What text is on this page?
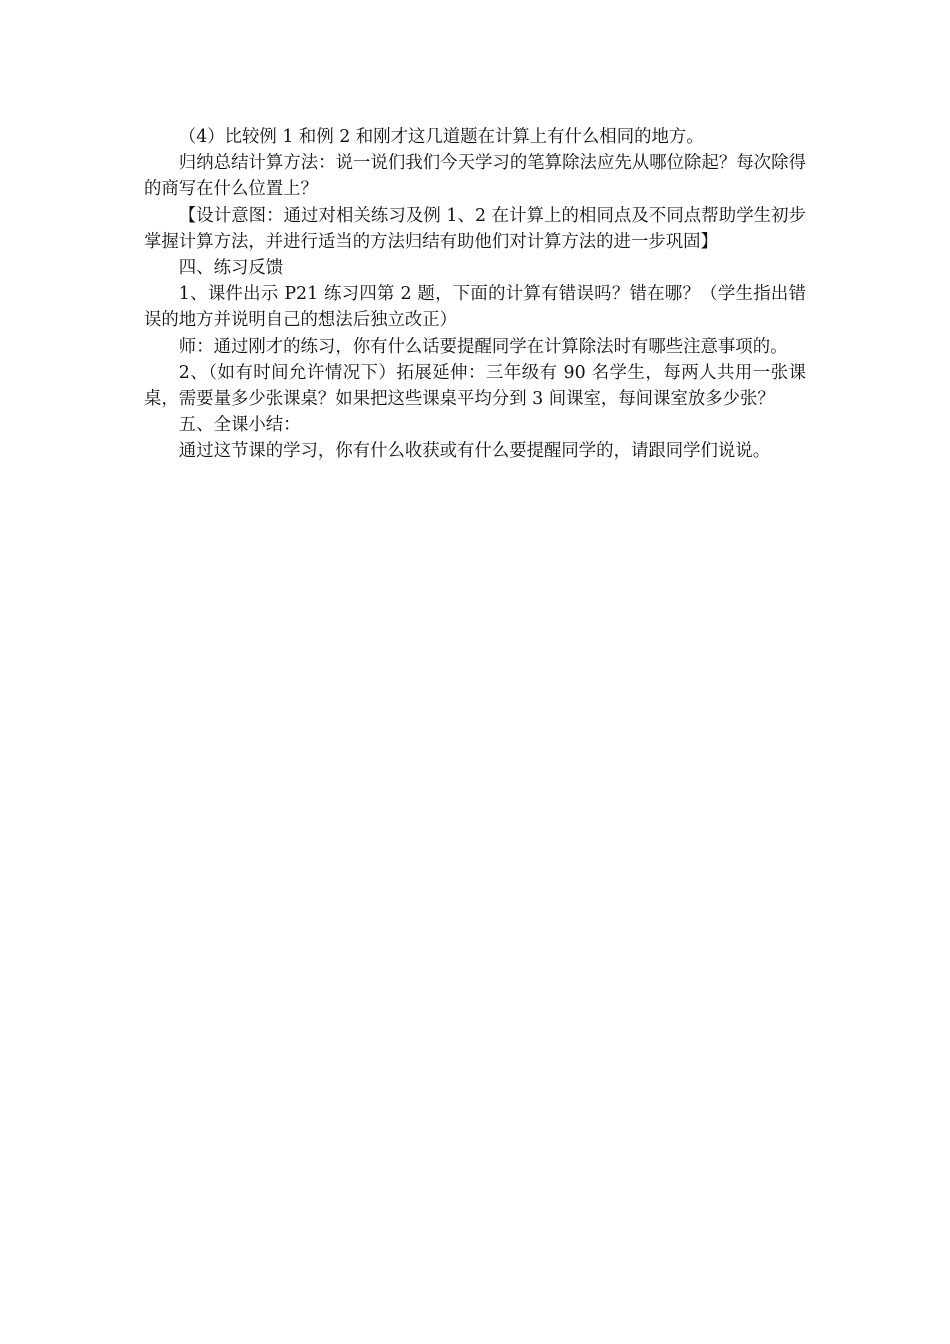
（4）比较例 1 和例 2 和刚才这几道题在计算上有什么相同的地方。

归纳总结计算方法：说一说们我们今天学习的笔算除法应先从哪位除起？每次除得的商写在什么位置上？

【设计意图：通过对相关练习及例 1、2 在计算上的相同点及不同点帮助学生初步掌握计算方法，并进行适当的方法归结有助他们对计算方法的进一步巩固】

四、练习反馈

1、课件出示 P21 练习四第 2 题，下面的计算有错误吗？错在哪？（学生指出错误的地方并说明自己的想法后独立改正）

师：通过刚才的练习，你有什么话要提醒同学在计算除法时有哪些注意事项的。

2、（如有时间允许情况下）拓展延伸：三年级有 90 名学生，每两人共用一张课桌，需要量多少张课桌？如果把这些课桌平均分到 3 间课室，每间课室放多少张？

五、全课小结：

通过这节课的学习，你有什么收获或有什么要提醒同学的，请跟同学们说说。
